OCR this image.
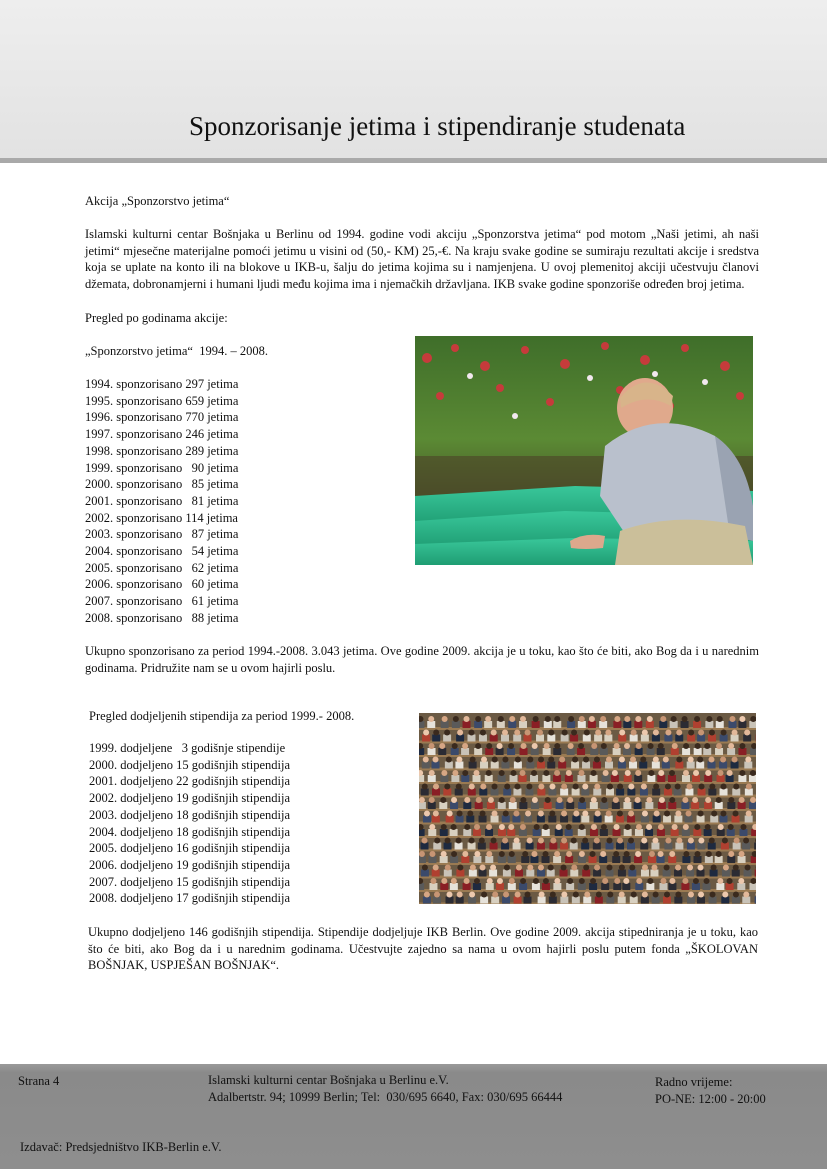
Sponzorisanje jetima i stipendiranje studenata
Akcija „Sponzorstvo jetima“
Islamski kulturni centar Bošnjaka u Berlinu od 1994. godine vodi akciju „Sponzorstva jetima“ pod motom „Naši jetimi, ah naši jetimi“ mjesečne materijalne pomoći jetimu u visini od (50,- KM) 25,-€. Na kraju svake godine se sumiraju rezultati akcije i sredstva koja se uplate na konto ili na blokove u IKB-u, šalju do jetima kojima su i namjenjena. U ovoj plemenitoj akciji učestvuju članovi džemata, dobronamjerni i humani ljudi među kojima ima i njemačkih državljana. IKB svake godine sponzoriše određen broj jetima.
Pregled po godinama akcije:
„Sponzorstvo jetima“  1994. – 2008.
1994. sponzorisano 297 jetima
1995. sponzorisano 659 jetima
1996. sponzorisano 770 jetima
1997. sponzorisano 246 jetima
1998. sponzorisano 289 jetima
1999. sponzorisano   90 jetima
2000. sponzorisano   85 jetima
2001. sponzorisano   81 jetima
2002. sponzorisano 114 jetima
2003. sponzorisano   87 jetima
2004. sponzorisano   54 jetima
2005. sponzorisano   62 jetima
2006. sponzorisano   60 jetima
2007. sponzorisano   61 jetima
2008. sponzorisano   88 jetima
Ukupno sponzorisano za period 1994.-2008. 3.043 jetima. Ove godine 2009. akcija je u toku, kao što će biti, ako Bog da i u narednim godinama. Pridružite nam se u ovom hajirli poslu.
Pregled dodjeljenih stipendija za period 1999.- 2008.
1999. dodjeljene   3 godišnje stipendije
2000. dodjeljeno 15 godišnjih stipendija
2001. dodjeljeno 22 godišnjih stipendija
2002. dodjeljeno 19 godišnjih stipendija
2003. dodjeljeno 18 godišnjih stipendija
2004. dodjeljeno 18 godišnjih stipendija
2005. dodjeljeno 16 godišnjih stipendija
2006. dodjeljeno 19 godišnjih stipendija
2007. dodjeljeno 15 godišnjih stipendija
2008. dodjeljeno 17 godišnjih stipendija
Ukupno dodjeljeno 146 godišnjih stipendija. Stipendije dodjeljuje IKB Berlin. Ove godine 2009. akcija stipedniranja je u toku, kao što će biti, ako Bog da i u narednim godinama. Učestvujte zajedno sa nama u ovom hajirli poslu putem fonda „ŠKOLOVAN BOŠNJAK, USPJEŠAN BOŠNJAK“.
Strana 4	Islamski kulturni centar Bošnjaka u Berlinu e.V.
Adalbertstr. 94; 10999 Berlin; Tel:  030/695 6640, Fax: 030/695 66444
Radno vrijeme:
PO-NE: 12:00 - 20:00
Izdavač: Predsjedništvo IKB-Berlin e.V.
